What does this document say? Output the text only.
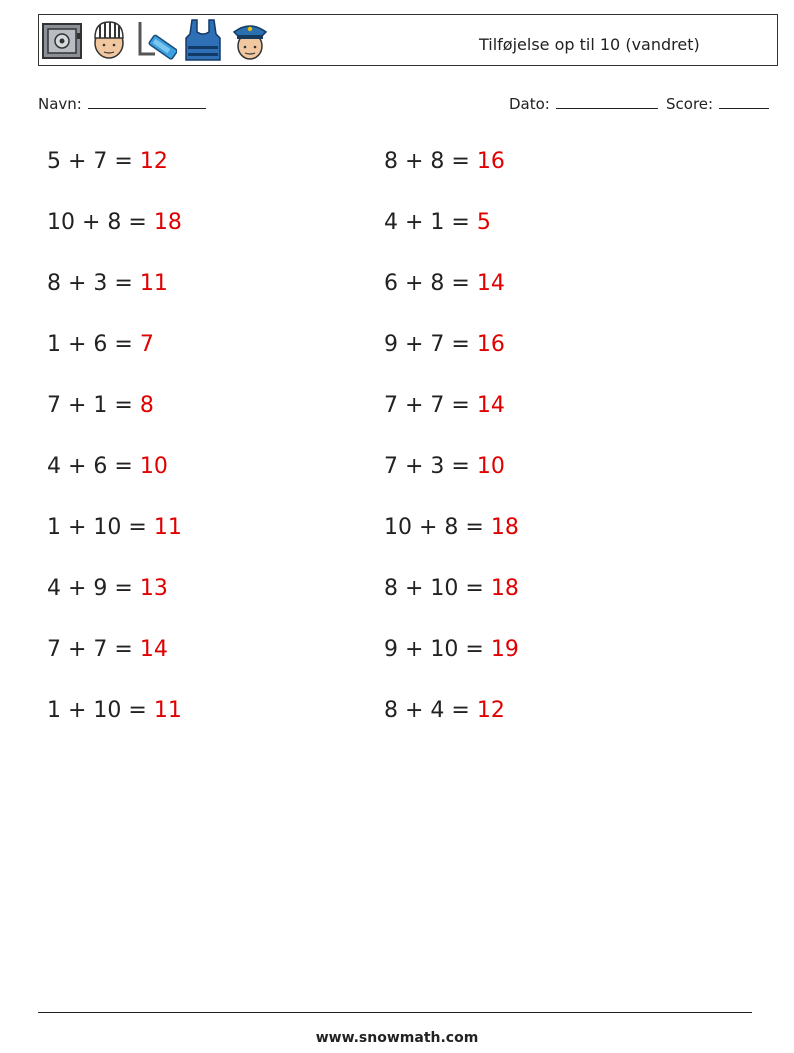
Tilføjelse op til 10 (vandret)
Navn:	Dato:	Score:
5 + 7 = 12	8 + 8 = 16
10 + 8 = 18	4 + 1 = 5
8 + 3 = 11	6 + 8 = 14
1 + 6 = 7	9 + 7 = 16
7 + 1 = 8	7 + 7 = 14
4 + 6 = 10	7 + 3 = 10
1 + 10 = 11	10 + 8 = 18
4 + 9 = 13	8 + 10 = 18
7 + 7 = 14	9 + 10 = 19
1 + 10 = 11	8 + 4 = 12
www.snowmath.com
